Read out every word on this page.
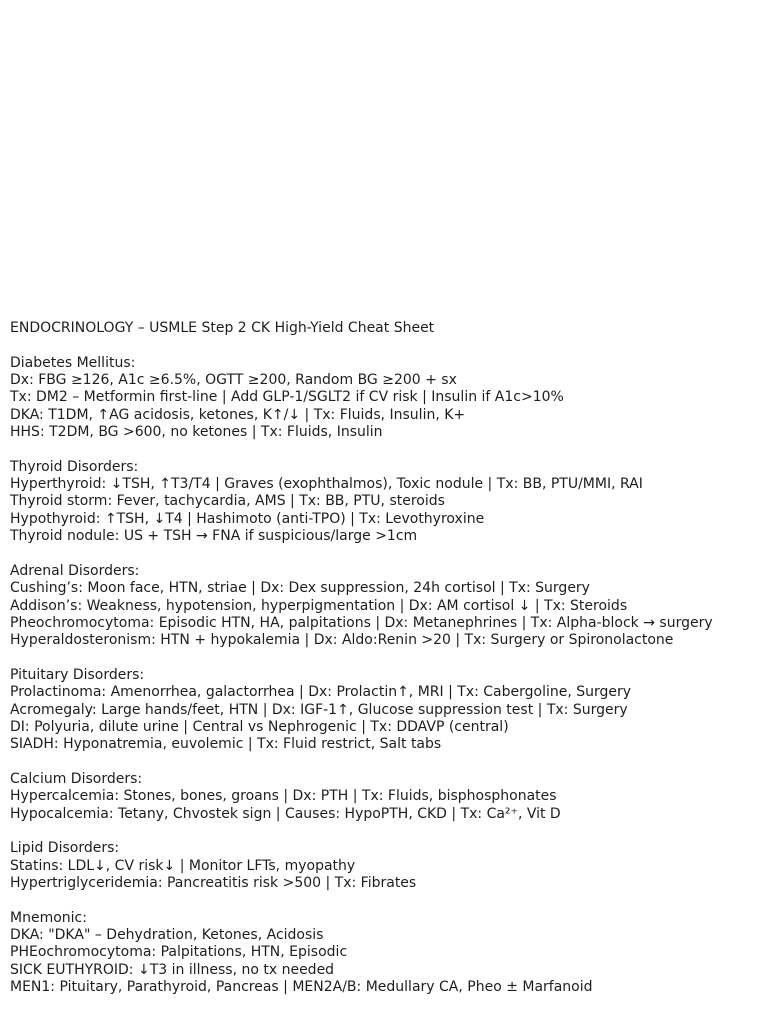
ENDOCRINOLOGY – USMLE Step 2 CK High-Yield Cheat Sheet
Diabetes Mellitus:
Dx: FBG ≥126, A1c ≥6.5%, OGTT ≥200, Random BG ≥200 + sx
Tx: DM2 – Metformin first-line | Add GLP-1/SGLT2 if CV risk | Insulin if A1c>10%
DKA: T1DM, ↑AG acidosis, ketones, K↑/↓ | Tx: Fluids, Insulin, K+
HHS: T2DM, BG >600, no ketones | Tx: Fluids, Insulin
Thyroid Disorders:
Hyperthyroid: ↓TSH, ↑T3/T4 | Graves (exophthalmos), Toxic nodule | Tx: BB, PTU/MMI, RAI
Thyroid storm: Fever, tachycardia, AMS | Tx: BB, PTU, steroids
Hypothyroid: ↑TSH, ↓T4 | Hashimoto (anti-TPO) | Tx: Levothyroxine
Thyroid nodule: US + TSH → FNA if suspicious/large >1cm
Adrenal Disorders:
Cushing’s: Moon face, HTN, striae | Dx: Dex suppression, 24h cortisol | Tx: Surgery
Addison’s: Weakness, hypotension, hyperpigmentation | Dx: AM cortisol ↓ | Tx: Steroids
Pheochromocytoma: Episodic HTN, HA, palpitations | Dx: Metanephrines | Tx: Alpha-block → surgery
Hyperaldosteronism: HTN + hypokalemia | Dx: Aldo:Renin >20 | Tx: Surgery or Spironolactone
Pituitary Disorders:
Prolactinoma: Amenorrhea, galactorrhea | Dx: Prolactin↑, MRI | Tx: Cabergoline, Surgery
Acromegaly: Large hands/feet, HTN | Dx: IGF-1↑, Glucose suppression test | Tx: Surgery
DI: Polyuria, dilute urine | Central vs Nephrogenic | Tx: DDAVP (central)
SIADH: Hyponatremia, euvolemic | Tx: Fluid restrict, Salt tabs
Calcium Disorders:
Hypercalcemia: Stones, bones, groans | Dx: PTH | Tx: Fluids, bisphosphonates
Hypocalcemia: Tetany, Chvostek sign | Causes: HypoPTH, CKD | Tx: Ca²⁺, Vit D
Lipid Disorders:
Statins: LDL↓, CV risk↓ | Monitor LFTs, myopathy
Hypertriglyceridemia: Pancreatitis risk >500 | Tx: Fibrates
Mnemonic:
DKA: "DKA" – Dehydration, Ketones, Acidosis
PHEochromocytoma: Palpitations, HTN, Episodic
SICK EUTHYROID: ↓T3 in illness, no tx needed
MEN1: Pituitary, Parathyroid, Pancreas | MEN2A/B: Medullary CA, Pheo ± Marfanoid
